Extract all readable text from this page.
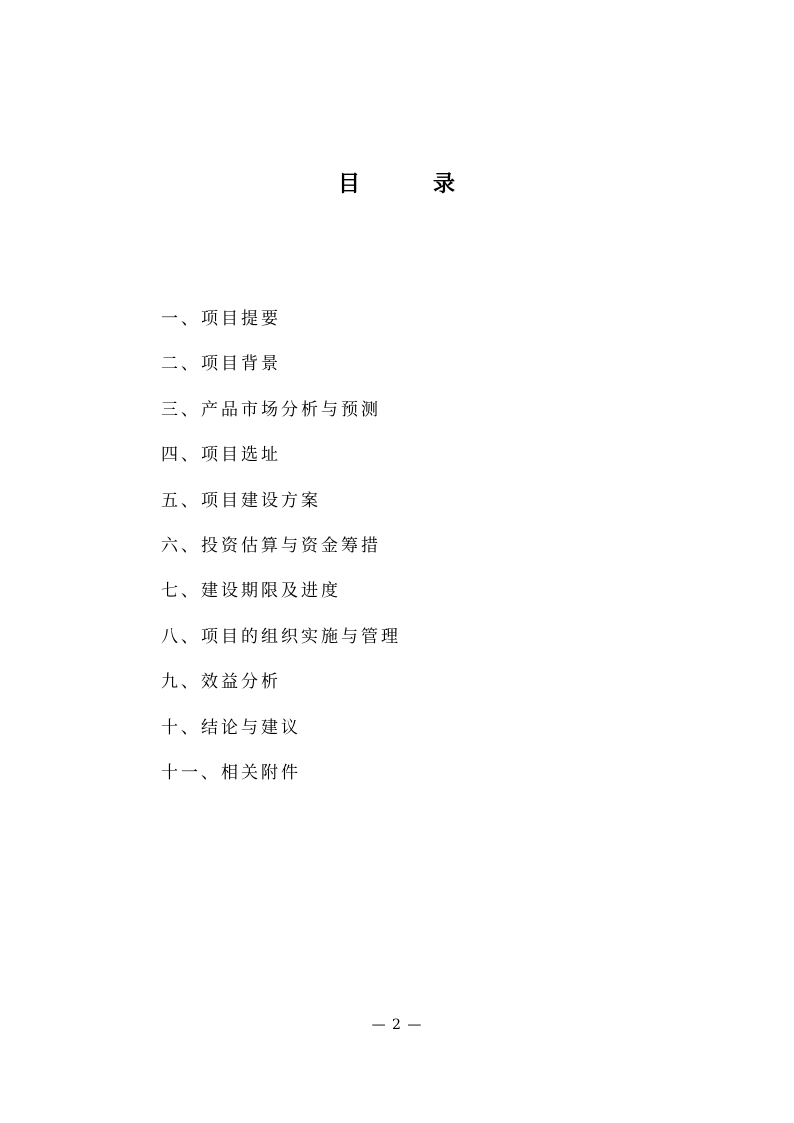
目	录
一、项目提要
二、项目背景
三、产品市场分析与预测
四、项目选址
五、项目建设方案
六、投资估算与资金筹措
七、建设期限及进度
八、项目的组织实施与管理
九、效益分析
十、结论与建议
十一、相关附件
— 2 —
